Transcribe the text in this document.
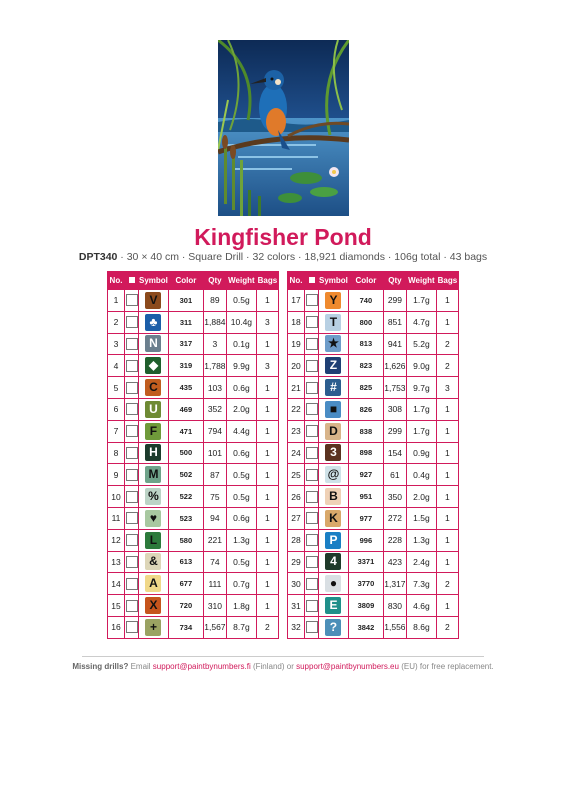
Kingfisher Pond
DPT340 · 30 × 40 cm · Square Drill · 32 colors · 18,921 diamonds · 106g total · 43 bags
No.		Symbol	Color	Qty	Weight	Bags
1		V	301	89	0.5g	1
2		♣	311	1,884	10.4g	3
3		N	317	3	0.1g	1
4		◆	319	1,788	9.9g	3
5		C	435	103	0.6g	1
6		U	469	352	2.0g	1
7		F	471	794	4.4g	1
8		H	500	101	0.6g	1
9		M	502	87	0.5g	1
10		%	522	75	0.5g	1
11		♥	523	94	0.6g	1
12		L	580	221	1.3g	1
13		&	613	74	0.5g	1
14		A	677	111	0.7g	1
15		X	720	310	1.8g	1
16		+	734	1,567	8.7g	2
No.		Symbol	Color	Qty	Weight	Bags
17		Y	740	299	1.7g	1
18		T	800	851	4.7g	1
19		★	813	941	5.2g	2
20		Z	823	1,626	9.0g	2
21		#	825	1,753	9.7g	3
22		■	826	308	1.7g	1
23		D	838	299	1.7g	1
24		3	898	154	0.9g	1
25		@	927	61	0.4g	1
26		B	951	350	2.0g	1
27		K	977	272	1.5g	1
28		P	996	228	1.3g	1
29		4	3371	423	2.4g	1
30		●	3770	1,317	7.3g	2
31		E	3809	830	4.6g	1
32		?	3842	1,556	8.6g	2
Missing drills? Email support@paintbynumbers.fi (Finland) or support@paintbynumbers.eu (EU) for free replacement.
